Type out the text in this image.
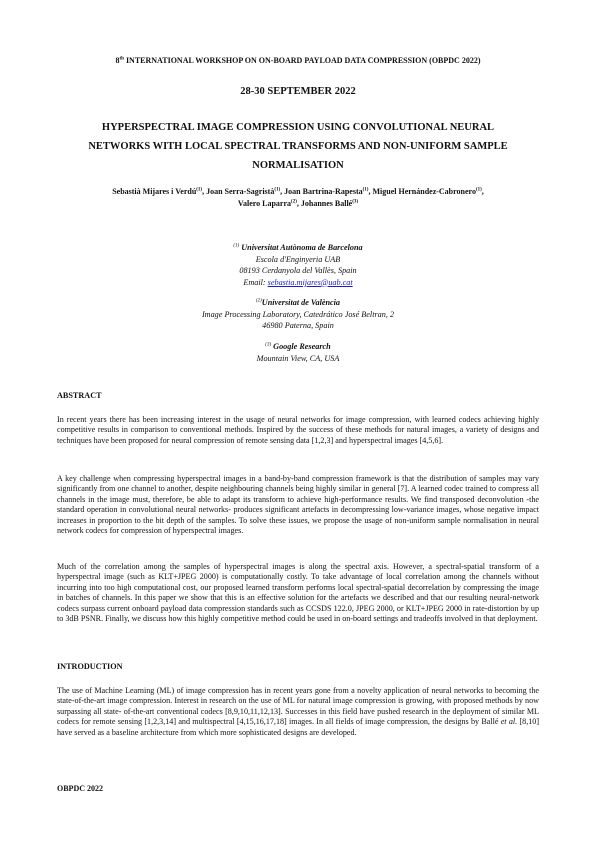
8th INTERNATIONAL WORKSHOP ON ON-BOARD PAYLOAD DATA COMPRESSION (OBPDC 2022)
28-30 SEPTEMBER 2022
HYPERSPECTRAL IMAGE COMPRESSION USING CONVOLUTIONAL NEURAL
NETWORKS WITH LOCAL SPECTRAL TRANSFORMS AND NON-UNIFORM SAMPLE
NORMALISATION
Sebastià Mijares i Verdú$^{(1)}$, Joan Serra-Sagristà$^{(1)}$, Joan Bartrina-Rapesta$^{(1)}$, Miguel Hernández-Cabronero$^{(1)}$,
Valero Laparra$^{(2)}$, Johannes Ballé$^{(3)}$
$^{(1)}$ Universitat Autònoma de Barcelona
Escola d'Enginyeria UAB
08193 Cerdanyola del Vallès, Spain
Email: sebastia.mijares@uab.cat
$^{(2)}$Universitat de València
Image Processing Laboratory, Catedrático José Beltran, 2
46980 Paterna, Spain
$^{(3)}$ Google Research
Mountain View, CA, USA
ABSTRACT
In recent years there has been increasing interest in the usage of neural networks for image compression, with learned codecs achieving highly competitive results in comparison to conventional methods. Inspired by the success of these methods for natural images, a variety of designs and techniques have been proposed for neural compression of remote sensing data [1,2,3] and hyperspectral images [4,5,6].
A key challenge when compressing hyperspectral images in a band-by-band compression framework is that the distribution of samples may vary significantly from one channel to another, despite neighbouring channels being highly similar in general [7]. A learned codec trained to compress all channels in the image must, therefore, be able to adapt its transform to achieve high-performance results. We find transposed deconvolution -the standard operation in convolutional neural networks- produces significant artefacts in decompressing low-variance images, whose negative impact increases in proportion to the bit depth of the samples. To solve these issues, we propose the usage of non-uniform sample normalisation in neural network codecs for compression of hyperspectral images.
Much of the correlation among the samples of hyperspectral images is along the spectral axis. However, a spectral-spatial transform of a hyperspectral image (such as KLT+JPEG 2000) is computationally costly. To take advantage of local correlation among the channels without incurring into too high computational cost, our proposed learned transform performs local spectral-spatial decorrelation by compressing the image in batches of channels. In this paper we show that this is an effective solution for the artefacts we described and that our resulting neural-network codecs surpass current onboard payload data compression standards such as CCSDS 122.0, JPEG 2000, or KLT+JPEG 2000 in rate-distortion by up to 3dB PSNR. Finally, we discuss how this highly competitive method could be used in on-board settings and tradeoffs involved in that deployment.
INTRODUCTION
The use of Machine Learning (ML) of image compression has in recent years gone from a novelty application of neural networks to becoming the state-of-the-art image compression. Interest in research on the use of ML for natural image compression is growing, with proposed methods by now surpassing all state- of-the-art conventional codecs [8,9,10,11,12,13]. Successes in this field have pushed research in the deployment of similar ML codecs for remote sensing [1,2,3,14] and multispectral [4,15,16,17,18] images. In all fields of image compression, the designs by Ballé et al. [8,10] have served as a baseline architecture from which more sophisticated designs are developed.
OBPDC 2022
